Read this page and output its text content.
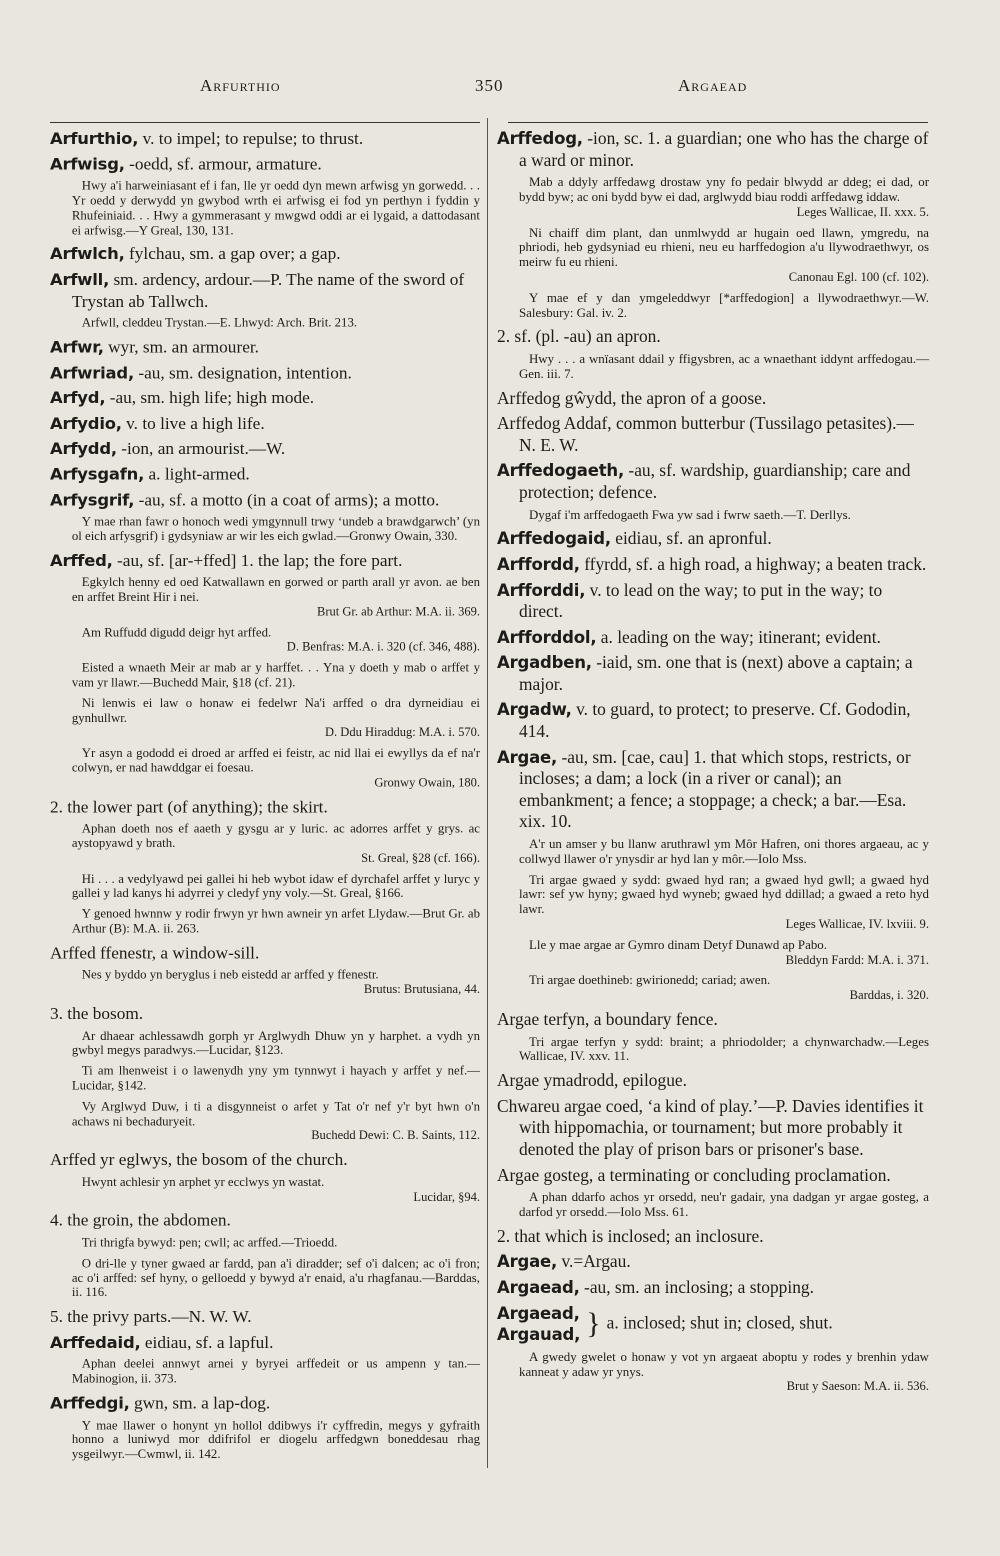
Arfurthio	350	Argaead
Arfurthio, v. to impel; to repulse; to thrust.
Arfwisg, -oedd, sf. armour, armature.
Hwy a'i harweiniasant ef i fan, lle yr oedd dyn mewn arfwisg yn gorwedd. . . Yr oedd y derwydd yn gwybod wrth ei arfwisg ei fod yn perthyn i fyddin y Rhufeiniaid. . . Hwy a gymmerasant y mwgwd oddi ar ei lygaid, a dattodasant ei arfwisg.—Y Greal, 130, 131.
Arfwlch, fylchau, sm. a gap over; a gap.
Arfwll, sm. ardency, ardour.—P. The name of the sword of Trystan ab Tallwch.
Arfwll, cleddeu Trystan.—E. Lhwyd: Arch. Brit. 213.
Arfwr, wyr, sm. an armourer.
Arfwriad, -au, sm. designation, intention.
Arfyd, -au, sm. high life; high mode.
Arfydio, v. to live a high life.
Arfydd, -ion, an armourist.—W.
Arfysgafn, a. light-armed.
Arfysgrif, -au, sf. a motto (in a coat of arms); a motto.
Y mae rhan fawr o honoch wedi ymgynnull trwy ‘undeb a brawdgarwch’ (yn ol eich arfysgrif) i gydsyniaw ar wir les eich gwlad.—Gronwy Owain, 330.
Arffed, -au, sf. [ar-+ffed] 1. the lap; the fore part.
Egkylch henny ed oed Katwallawn en gorwed or parth arall yr avon. ae ben en arffet Breint Hir i nei.
Brut Gr. ab Arthur: M.A. ii. 369.
Am Ruffudd digudd deigr hyt arffed.
D. Benfras: M.A. i. 320 (cf. 346, 488).
Eisted a wnaeth Meir ar mab ar y harffet. . . Yna y doeth y mab o arffet y vam yr llawr.—Buchedd Mair, §18 (cf. 21).
Ni lenwis ei law o honaw ei fedelwr Na'i arffed o dra dyrneidiau ei gynhullwr.
D. Ddu Hiraddug: M.A. i. 570.
Yr asyn a gododd ei droed ar arffed ei feistr, ac nid llai ei ewyllys da ef na'r colwyn, er nad hawddgar ei foesau.
Gronwy Owain, 180.
2. the lower part (of anything); the skirt.
Aphan doeth nos ef aaeth y gysgu ar y luric. ac adorres arffet y grys. ac aystopyawd y brath.
St. Greal, §28 (cf. 166).
Hi . . . a vedylyawd pei gallei hi heb wybot idaw ef dyrchafel arffet y luryc y gallei y lad kanys hi adyrrei y cledyf yny voly.—St. Greal, §166.
Y genoed hwnnw y rodir frwyn yr hwn awneir yn arfet Llydaw.—Brut Gr. ab Arthur (B): M.A. ii. 263.
Arffed ffenestr, a window-sill.
Nes y byddo yn beryglus i neb eistedd ar arffed y ffenestr.
Brutus: Brutusiana, 44.
3. the bosom.
Ar dhaear achlessawdh gorph yr Arglwydh Dhuw yn y harphet. a vydh yn gwbyl megys paradwys.—Lucidar, §123.
Ti am lhenweist i o lawenydh yny ym tynnwyt i hayach y arffet y nef.—Lucidar, §142.
Vy Arglwyd Duw, i ti a disgynneist o arfet y Tat o'r nef y'r byt hwn o'n achaws ni bechaduryeit.
Buchedd Dewi: C. B. Saints, 112.
Arffed yr eglwys, the bosom of the church.
Hwynt achlesir yn arphet yr ecclwys yn wastat.
Lucidar, §94.
4. the groin, the abdomen.
Tri thrigfa bywyd: pen; cwll; ac arffed.—Trioedd.
O dri-lle y tyner gwaed ar fardd, pan a'i diradder; sef o'i dalcen; ac o'i fron; ac o'i arffed: sef hyny, o gelloedd y bywyd a'r enaid, a'u rhagfanau.—Barddas, ii. 116.
5. the privy parts.—N. W. W.
Arffedaid, eidiau, sf. a lapful.
Aphan deelei annwyt arnei y byryei arffedeit or us ampenn y tan.—Mabinogion, ii. 373.
Arffedgi, gwn, sm. a lap-dog.
Y mae llawer o honynt yn hollol ddibwys i'r cyffredin, megys y gyfraith honno a luniwyd mor ddifrifol er diogelu arffedgwn boneddesau rhag ysgeilwyr.—Cwmwl, ii. 142.
Arffedog, -ion, sc. 1. a guardian; one who has the charge of a ward or minor.
Mab a ddyly arffedawg drostaw yny fo pedair blwydd ar ddeg; ei dad, or bydd byw; ac oni bydd byw ei dad, arglwydd biau roddi arffedawg iddaw.
Leges Wallicae, II. xxx. 5.
Ni chaiff dim plant, dan unmlwydd ar hugain oed llawn, ymgredu, na phriodi, heb gydsyniad eu rhieni, neu eu harffedogion a'u llywodraethwyr, os meirw fu eu rhieni.
Canonau Egl. 100 (cf. 102).
Y mae ef y dan ymgeleddwyr [*arffedogion] a llywodraethwyr.—W. Salesbury: Gal. iv. 2.
2. sf. (pl. -au) an apron.
Hwy . . . a wnïasant ddail y ffigysbren, ac a wnaethant iddynt arffedogau.—Gen. iii. 7.
Arffedog gŵydd, the apron of a goose.
Arffedog Addaf, common butterbur (Tussilago petasites).—N. E. W.
Arffedogaeth, -au, sf. wardship, guardianship; care and protection; defence.
Dygaf i'm arffedogaeth Fwa yw sad i fwrw saeth.—T. Derllys.
Arffedogaid, eidiau, sf. an apronful.
Arffordd, ffyrdd, sf. a high road, a highway; a beaten track.
Arfforddi, v. to lead on the way; to put in the way; to direct.
Arfforddol, a. leading on the way; itinerant; evident.
Argadben, -iaid, sm. one that is (next) above a captain; a major.
Argadw, v. to guard, to protect; to preserve. Cf. Gododin, 414.
Argae, -au, sm. [cae, cau] 1. that which stops, restricts, or incloses; a dam; a lock (in a river or canal); an embankment; a fence; a stoppage; a check; a bar.—Esa. xix. 10.
A'r un amser y bu llanw aruthrawl ym Môr Hafren, oni thores argaeau, ac y collwyd llawer o'r ynysdir ar hyd lan y môr.—Iolo Mss.
Tri argae gwaed y sydd: gwaed hyd ran; a gwaed hyd gwll; a gwaed hyd lawr: sef yw hyny; gwaed hyd wyneb; gwaed hyd ddillad; a gwaed a reto hyd lawr.
Leges Wallicae, IV. lxviii. 9.
Lle y mae argae ar Gymro dinam Detyf Dunawd ap Pabo.
Bleddyn Fardd: M.A. i. 371.
Tri argae doethineb: gwirionedd; cariad; awen.
Barddas, i. 320.
Argae terfyn, a boundary fence.
Tri argae terfyn y sydd: braint; a phriodolder; a chynwarchadw.—Leges Wallicae, IV. xxv. 11.
Argae ymadrodd, epilogue.
Chwareu argae coed, ‘a kind of play.’—P. Davies identifies it with hippomachia, or tournament; but more probably it denoted the play of prison bars or prisoner's base.
Argae gosteg, a terminating or concluding proclamation.
A phan ddarfo achos yr orsedd, neu'r gadair, yna dadgan yr argae gosteg, a darfod yr orsedd.—Iolo Mss. 61.
2. that which is inclosed; an inclosure.
Argae, v.=Argau.
Argaead, -au, sm. an inclosing; a stopping.
Argaead,
Argauad, } a. inclosed; shut in; closed, shut.
A gwedy gwelet o honaw y vot yn argaeat aboptu y rodes y brenhin ydaw kanneat y adaw yr ynys.
Brut y Saeson: M.A. ii. 536.
